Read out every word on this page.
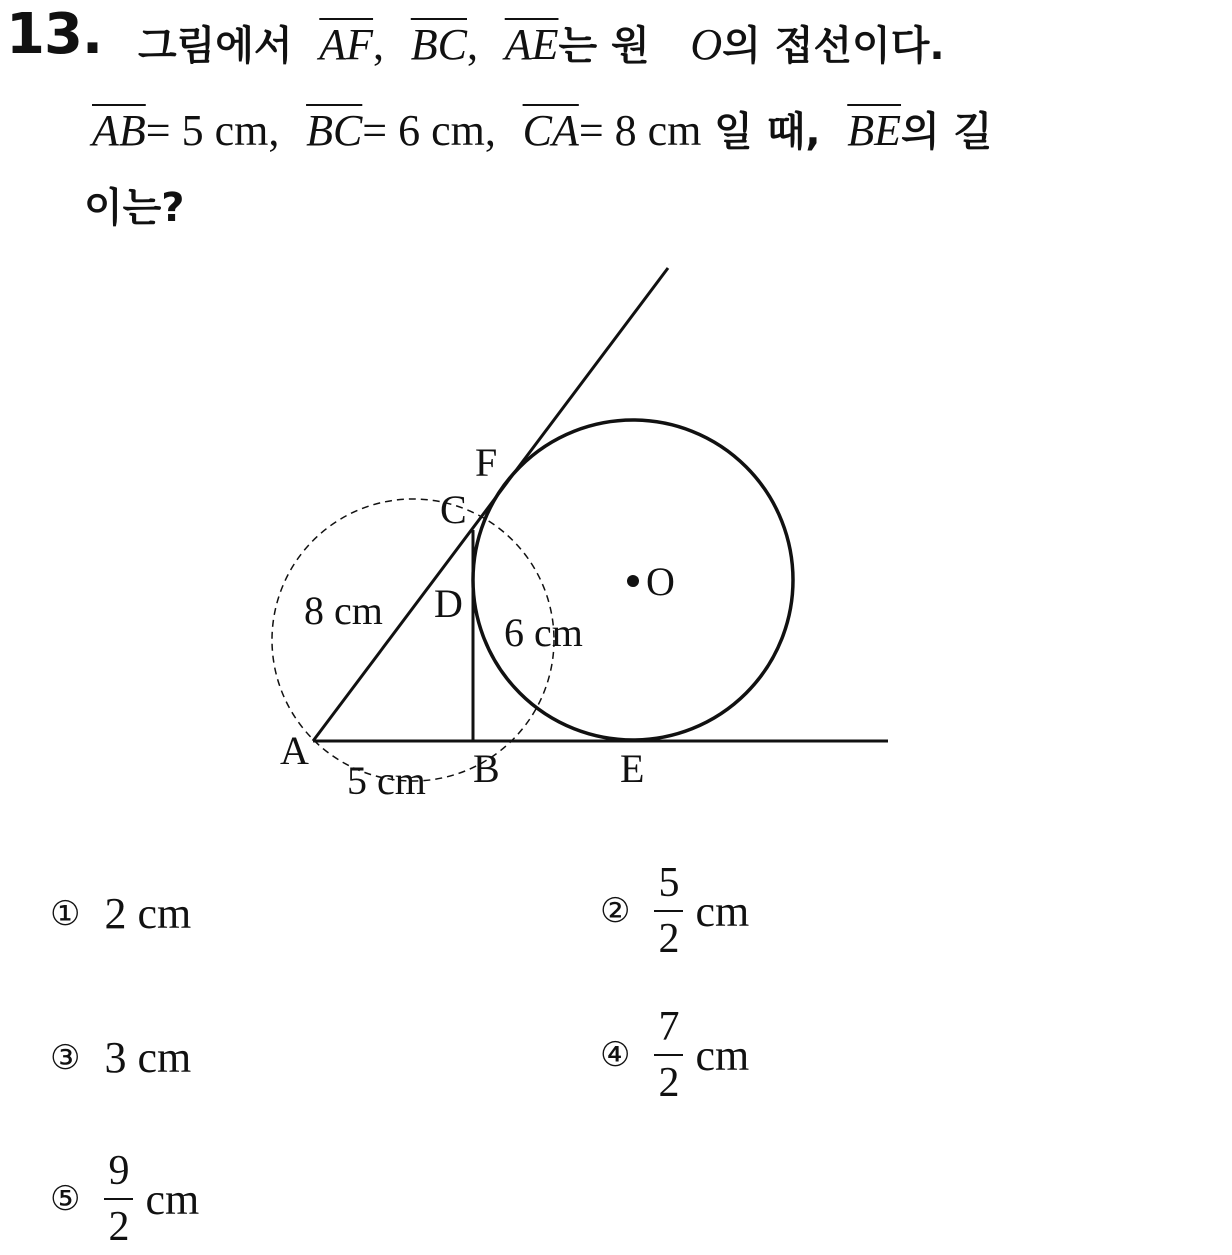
13. 그림에서 $\overline{AF}$, $\overline{BC}$, $\overline{AE}$는 원 O의 접선이다.
$\overline{AB}= 5$ cm, $\overline{BC}= 6$ cm, $\overline{CA}= 8$ cm 일 때, $\overline{BE}$의 길
이는?
F
C
D	O
A	B	E
8 cm	6 cm
5 cm
① 2 cm	② $\frac{5}{2}$ cm
③ 3 cm	④ $\frac{7}{2}$ cm
⑤ $\frac{9}{2}$ cm
